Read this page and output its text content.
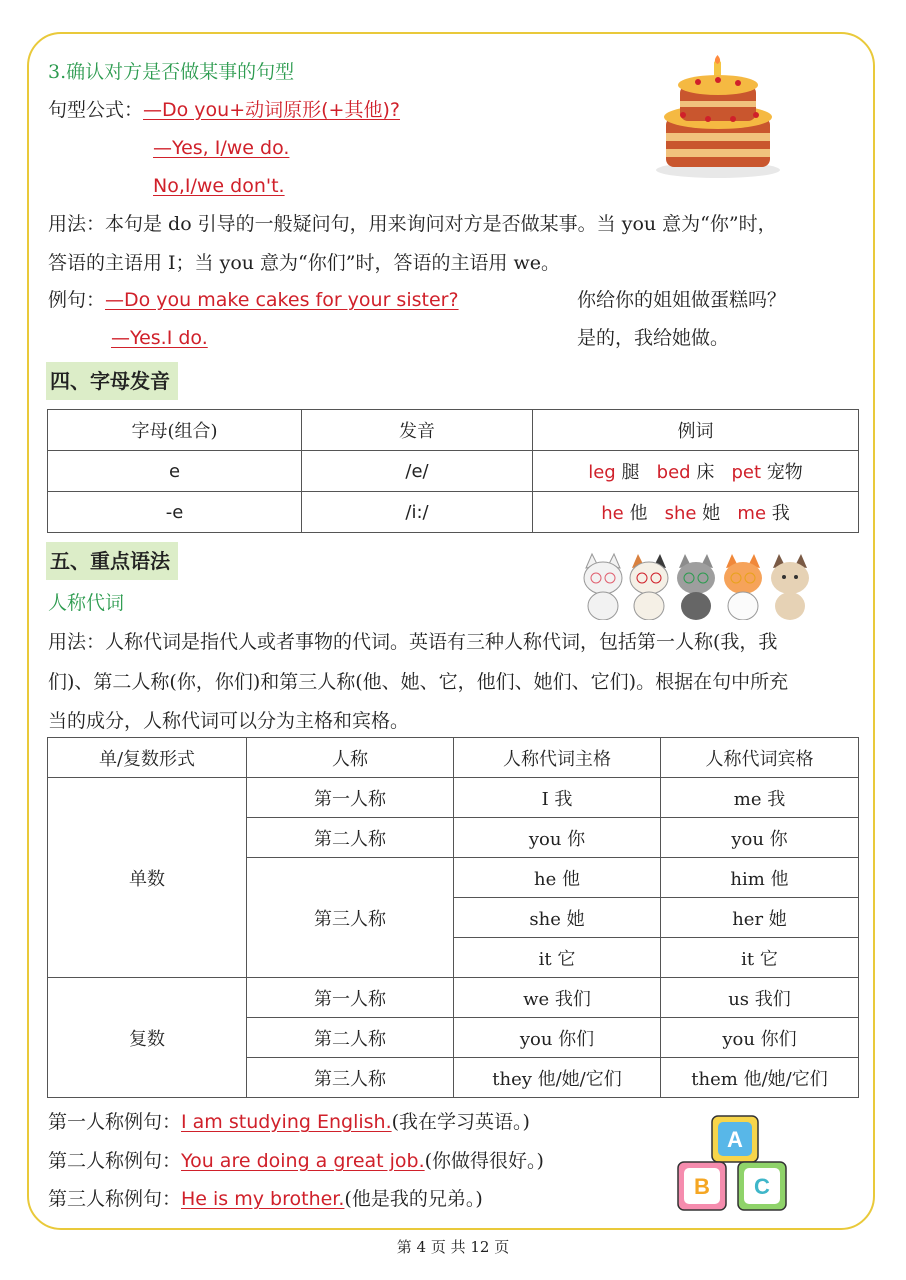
3.确认对方是否做某事的句型
句型公式：—Do you+动词原形(+其他)?
—Yes, I/we do.
No,I/we don't.
用法：本句是 do 引导的一般疑问句，用来询问对方是否做某事。当 you 意为“你”时，
答语的主语用 I；当 you 意为“你们”时，答语的主语用 we。
例句：—Do you make cakes for your sister?	你给你的姐姐做蛋糕吗？
—Yes.I do.	是的，我给她做。
四、字母发音
字母(组合)	发音	例词
e	/e/	leg 腿 bed 床 pet 宠物
-e	/i:/	he 他 she 她 me 我
五、重点语法
人称代词
用法：人称代词是指代人或者事物的代词。英语有三种人称代词，包括第一人称(我，我
们)、第二人称(你，你们)和第三人称(他、她、它，他们、她们、它们)。根据在句中所充
当的成分，人称代词可以分为主格和宾格。
单/复数形式	人称	人称代词主格	人称代词宾格
单数	第一人称	I 我	me 我
	第二人称	you 你	you 你
	第三人称	he 他	him 他
		she 她	her 她
		it 它	it 它
复数	第一人称	we 我们	us 我们
	第二人称	you 你们	you 你们
	第三人称	they 他/她/它们	them 他/她/它们
第一人称例句：I am studying English.(我在学习英语。)
第二人称例句：You are doing a great job.(你做得很好。)
第三人称例句：He is my brother.(他是我的兄弟。)
A
B C
第 4 页 共 12 页
